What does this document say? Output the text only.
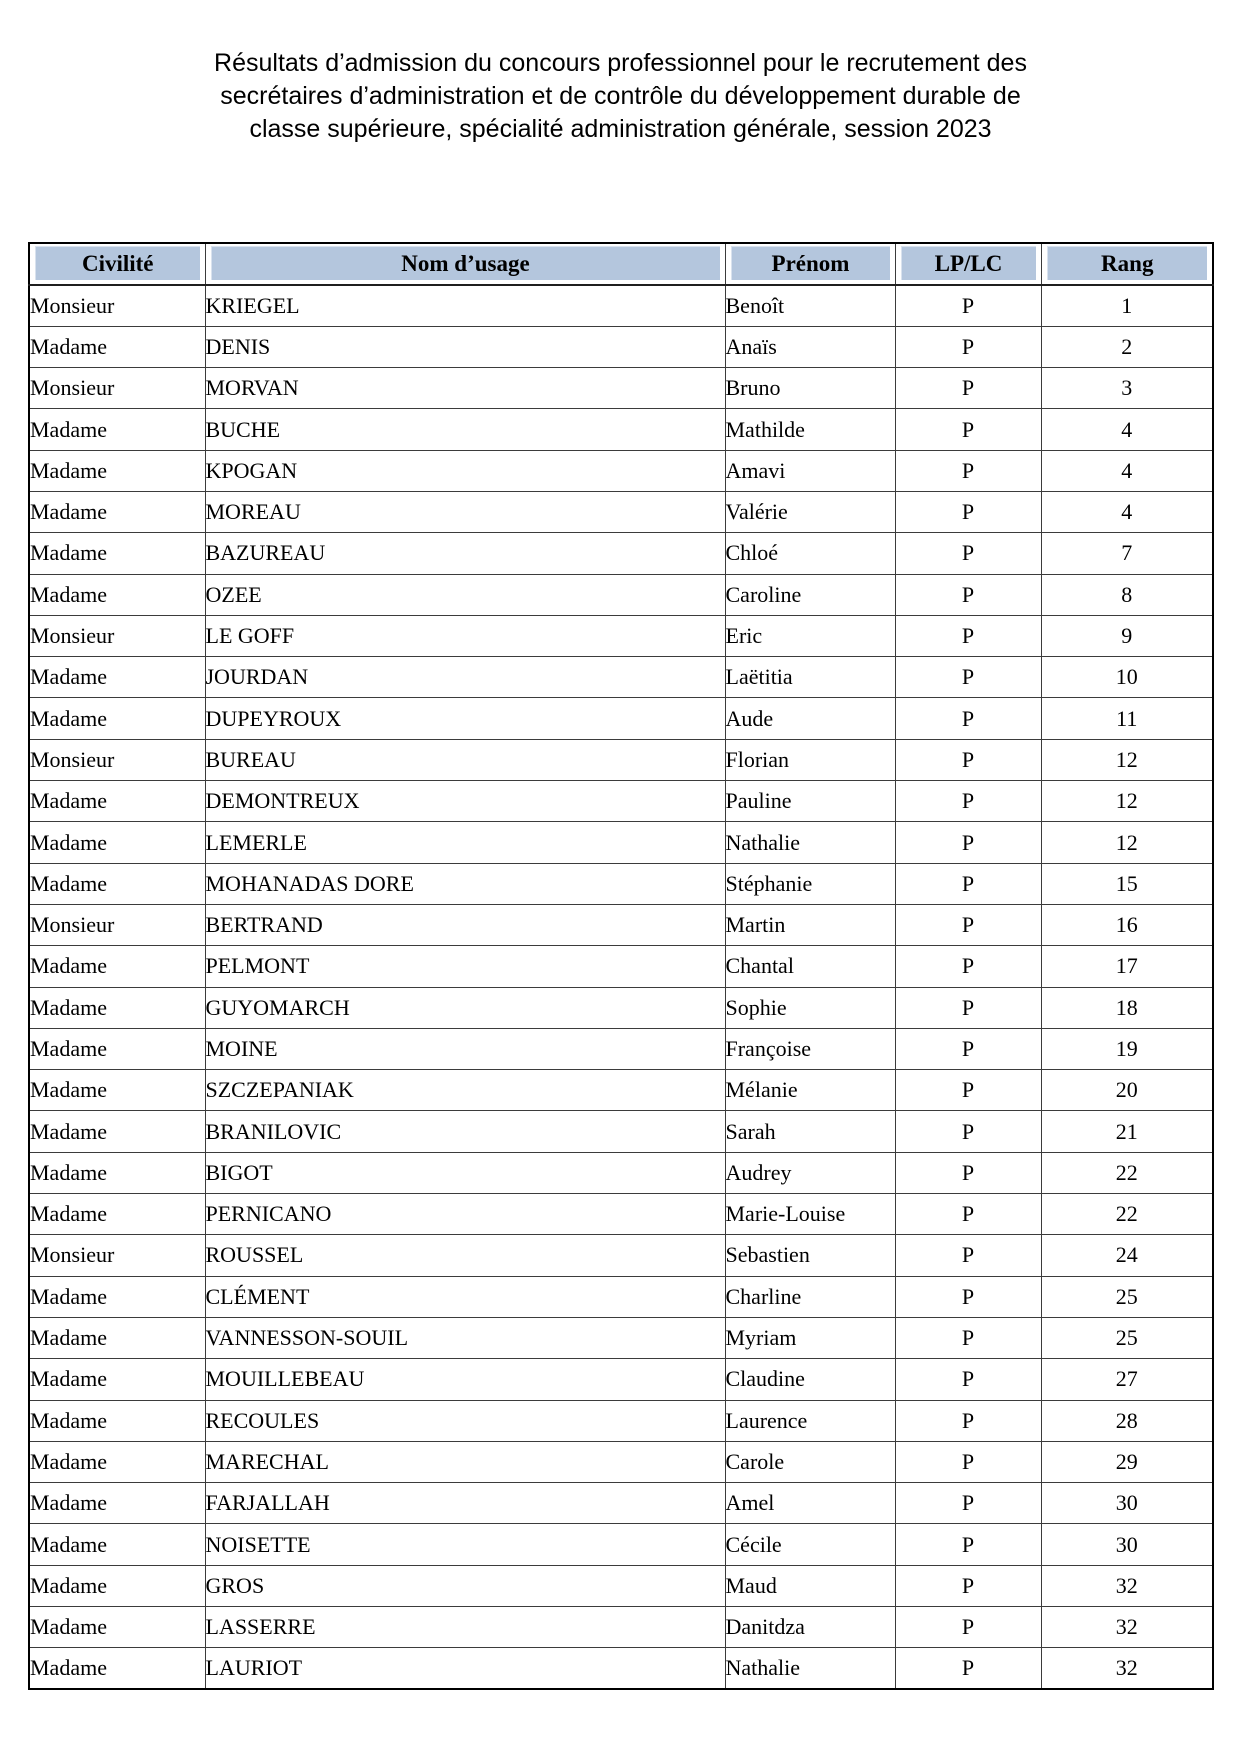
Résultats d’admission du concours professionnel pour le recrutement des
secrétaires d’administration et de contrôle du développement durable de
classe supérieure, spécialité administration générale, session 2023
Civilité	Nom d’usage	Prénom	LP/LC	Rang

Monsieur	KRIEGEL	Benoît	P	1
Madame	DENIS	Anaïs	P	2
Monsieur	MORVAN	Bruno	P	3
Madame	BUCHE	Mathilde	P	4
Madame	KPOGAN	Amavi	P	4
Madame	MOREAU	Valérie	P	4
Madame	BAZUREAU	Chloé	P	7
Madame	OZEE	Caroline	P	8
Monsieur	LE GOFF	Eric	P	9
Madame	JOURDAN	Laëtitia	P	10
Madame	DUPEYROUX	Aude	P	11
Monsieur	BUREAU	Florian	P	12
Madame	DEMONTREUX	Pauline	P	12
Madame	LEMERLE	Nathalie	P	12
Madame	MOHANADAS DORE	Stéphanie	P	15
Monsieur	BERTRAND	Martin	P	16
Madame	PELMONT	Chantal	P	17
Madame	GUYOMARCH	Sophie	P	18
Madame	MOINE	Françoise	P	19
Madame	SZCZEPANIAK	Mélanie	P	20
Madame	BRANILOVIC	Sarah	P	21
Madame	BIGOT	Audrey	P	22
Madame	PERNICANO	Marie-Louise	P	22
Monsieur	ROUSSEL	Sebastien	P	24
Madame	CLÉMENT	Charline	P	25
Madame	VANNESSON-SOUIL	Myriam	P	25
Madame	MOUILLEBEAU	Claudine	P	27
Madame	RECOULES	Laurence	P	28
Madame	MARECHAL	Carole	P	29
Madame	FARJALLAH	Amel	P	30
Madame	NOISETTE	Cécile	P	30
Madame	GROS	Maud	P	32
Madame	LASSERRE	Danitdza	P	32
Madame	LAURIOT	Nathalie	P	32
